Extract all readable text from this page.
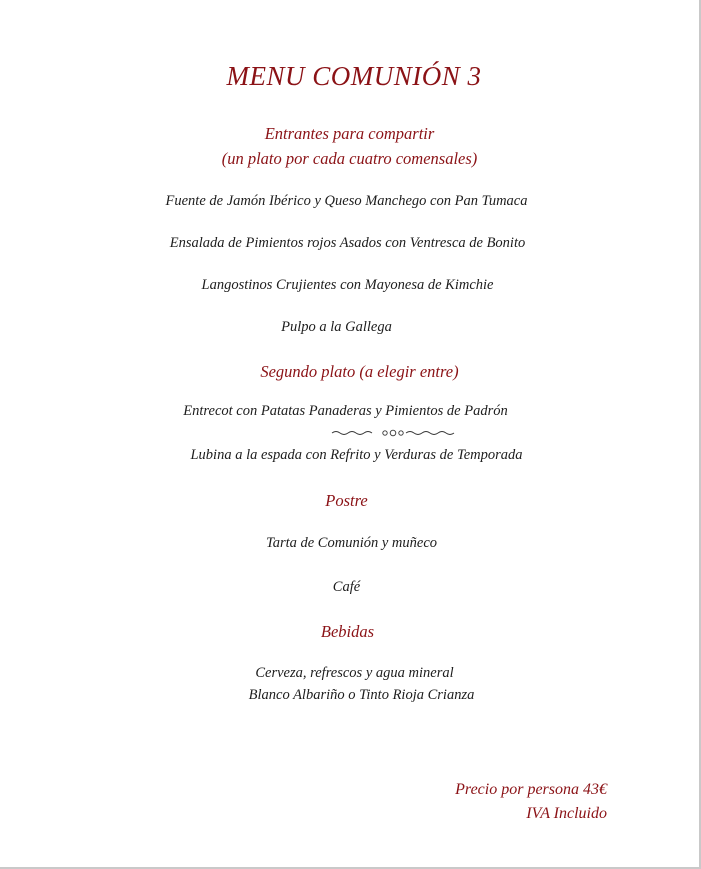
MENU COMUNIÓN 3
Entrantes para compartir
(un plato por cada cuatro comensales)
Fuente de Jamón Ibérico y Queso Manchego con Pan Tumaca
Ensalada de Pimientos rojos Asados con Ventresca de Bonito
Langostinos Crujientes con Mayonesa de Kimchie
Pulpo a la Gallega
Segundo plato (a elegir entre)
Entrecot con Patatas Panaderas y Pimientos de Padrón
Lubina a la espada con Refrito y Verduras de Temporada
Postre
Tarta de Comunión y muñeco
Café
Bebidas
Cerveza, refrescos y agua mineral
Blanco Albariño o Tinto Rioja Crianza
Precio por persona 43€
IVA Incluido
